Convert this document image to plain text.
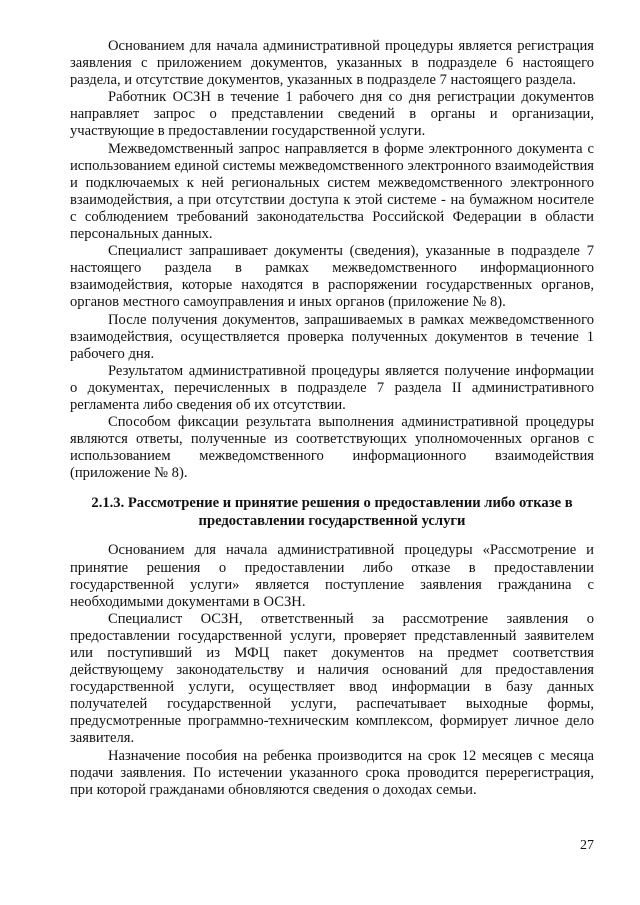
Основанием для начала административной процедуры является регистрация заявления с приложением документов, указанных в подразделе 6 настоящего раздела, и отсутствие документов, указанных в подразделе 7 настоящего раздела.

Работник ОСЗН в течение 1 рабочего дня со дня регистрации документов направляет запрос о представлении сведений в органы и организации, участвующие в предоставлении государственной услуги.

Межведомственный запрос направляется в форме электронного документа с использованием единой системы межведомственного электронного взаимодействия и подключаемых к ней региональных систем межведомственного электронного взаимодействия, а при отсутствии доступа к этой системе - на бумажном носителе с соблюдением требований законодательства Российской Федерации в области персональных данных.

Специалист запрашивает документы (сведения), указанные в подразделе 7 настоящего раздела в рамках межведомственного информационного взаимодействия, которые находятся в распоряжении государственных органов, органов местного самоуправления и иных органов (приложение № 8).

После получения документов, запрашиваемых в рамках межведомственного взаимодействия, осуществляется проверка полученных документов в течение 1 рабочего дня.

Результатом административной процедуры является получение информации о документах, перечисленных в подразделе 7 раздела II административного регламента либо сведения об их отсутствии.

Способом фиксации результата выполнения административной процедуры являются ответы, полученные из соответствующих уполномоченных органов с использованием межведомственного информационного взаимодействия (приложение № 8).

2.1.3. Рассмотрение и принятие решения о предоставлении либо отказе в предоставлении государственной услуги

Основанием для начала административной процедуры «Рассмотрение и принятие решения о предоставлении либо отказе в предоставлении государственной услуги» является поступление заявления гражданина с необходимыми документами в ОСЗН.

Специалист ОСЗН, ответственный за рассмотрение заявления о предоставлении государственной услуги, проверяет представленный заявителем или поступивший из МФЦ пакет документов на предмет соответствия действующему законодательству и наличия оснований для предоставления государственной услуги, осуществляет ввод информации в базу данных получателей государственной услуги, распечатывает выходные формы, предусмотренные программно-техническим комплексом, формирует личное дело заявителя.

Назначение пособия на ребенка производится на срок 12 месяцев с месяца подачи заявления. По истечении указанного срока проводится перерегистрация, при которой гражданами обновляются сведения о доходах семьи.

27
